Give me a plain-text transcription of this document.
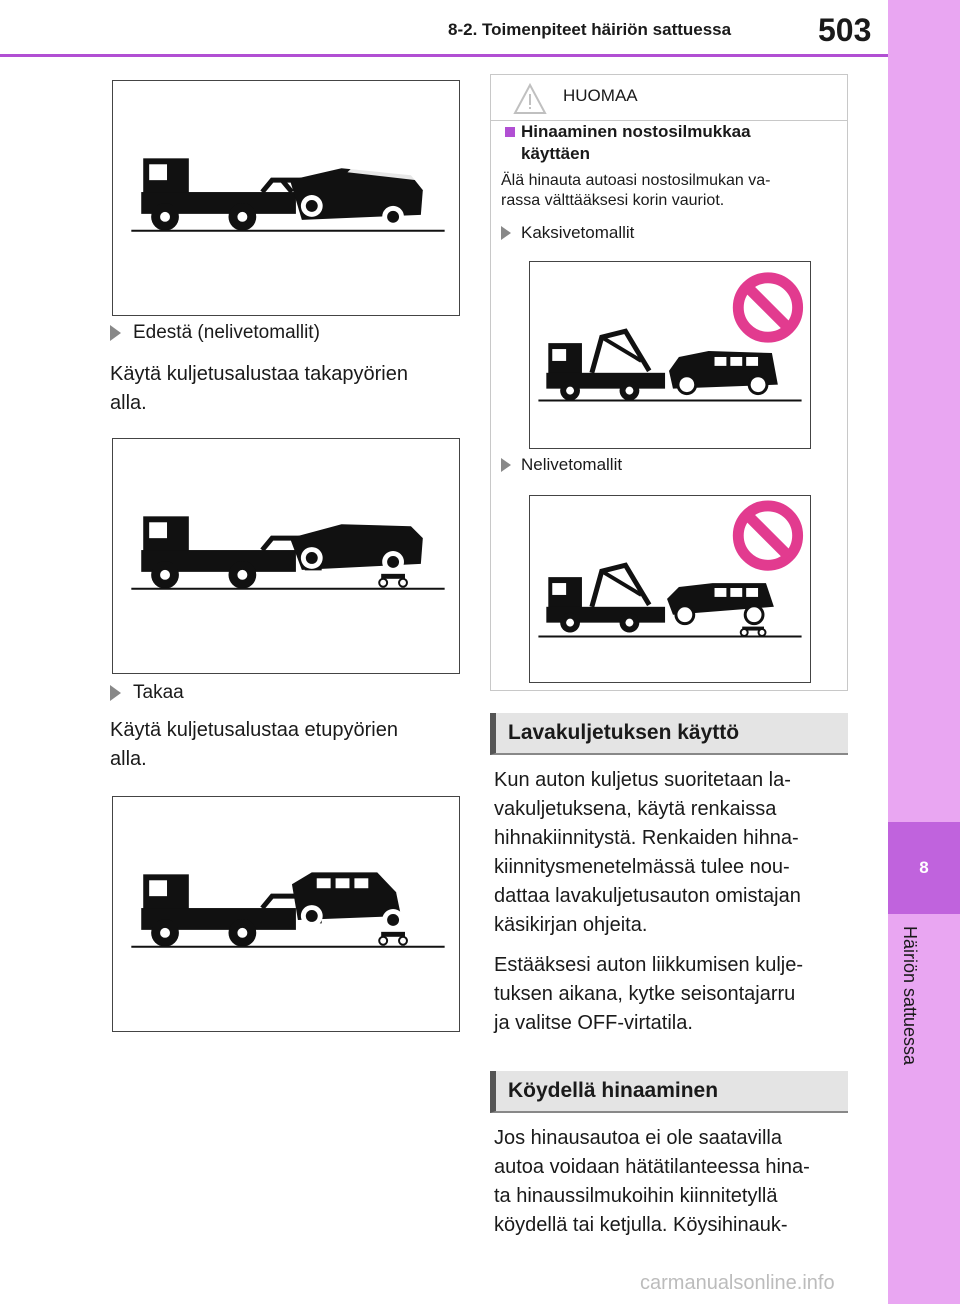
8-2. Toimenpiteet häiriön sattuessa	503
8
Häiriön sattuessa
Edestä (nelivetomallit)
Käytä kuljetusalustaa takapyörien
alla.
Takaa
Käytä kuljetusalustaa etupyörien
alla.
HUOMAA
Hinaaminen nostosilmukkaa
käyttäen
Älä hinauta autoasi nostosilmukan va-
rassa välttääksesi korin vauriot.
Kaksivetomallit
Nelivetomallit
Lavakuljetuksen käyttö
Kun auton kuljetus suoritetaan la-
vakuljetuksena, käytä renkaissa
hihnakiinnitystä. Renkaiden hihna-
kiinnitysmenetelmässä tulee nou-
dattaa lavakuljetusauton omistajan
käsikirjan ohjeita.
Estääksesi auton liikkumisen kulje-
tuksen aikana, kytke seisontajarru
ja valitse OFF-virtatila.
Köydellä hinaaminen
Jos hinausautoa ei ole saatavilla
autoa voidaan hätätilanteessa hina-
ta hinaussilmukoihin kiinnitetyllä
köydellä tai ketjulla. Köysihinauk-
carmanualsonline.info
